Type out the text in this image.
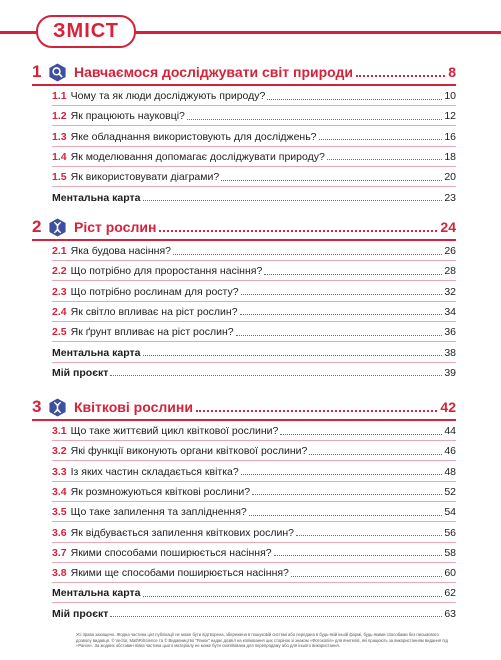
ЗМІСТ
1	Навчаємося досліджувати світ природи	8
1.1 Чому та як люди досліджують природу?	10
1.2 Як працюють науковці?	12
1.3 Яке обладнання використовують для досліджень?	16
1.4 Як моделювання допомагає досліджувати природу?	18
1.5 Як використовувати діаграми?	20
Ментальна карта	23
2	Ріст рослин	24
2.1 Яка будова насіння?	26
2.2 Що потрібно для проростання насіння?	28
2.3 Що потрібно рослинам для росту?	32
2.4 Як світло впливає на ріст рослин?	34
2.5 Як ґрунт впливає на ріст рослин?	36
Ментальна карта	38
Мій проєкт	39
3	Квіткові рослини	42
3.1 Що таке життєвий цикл квіткової рослини?	44
3.2 Які функції виконують органи квіткової рослини?	46
3.3 Із яких частин складається квітка?	48
3.4 Як розмножуються квіткові рослини?	52
3.5 Що таке запилення та запліднення?	54
3.6 Як відбувається запилення квіткових рослин?	56
3.7 Якими способами поширюється насіння?	58
3.8 Якими ще способами поширюється насіння?	60
Ментальна карта	62
Мій проєкт	63
Усі права захищено. Жодна частина цієї публікації не може бути відтворена, збережена в пошуковій системі або передана в будь-якій іншій формі, будь-якими способами без письмового дозволу видавця. © Vector, MathRiScience та © Видавництво "Ранок" надає дозвіл на копіювання цих сторінок зі знаком «Фотокопія» для вчителів, які працюють за використанням видання під «Ранок». За жодних обставин ніяка частина цього матеріалу не може бути скопійована для перепродажу або для іншого використання.
